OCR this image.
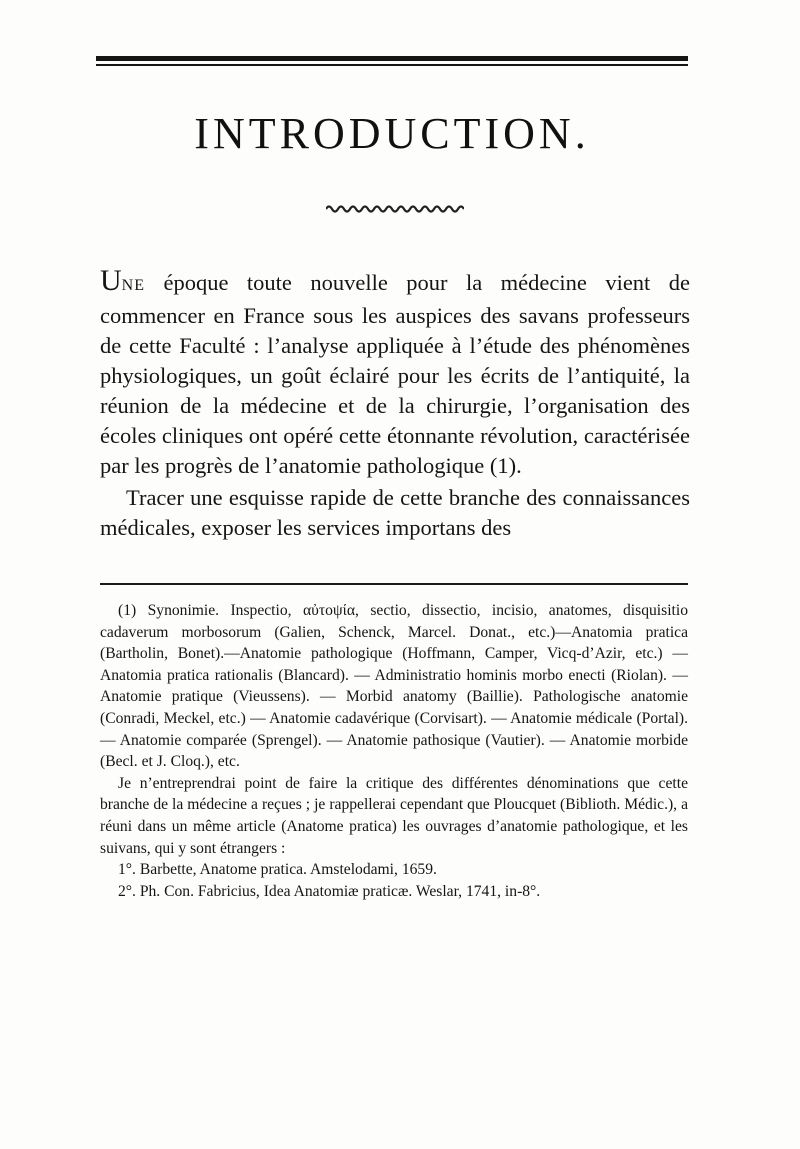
INTRODUCTION.

UNE époque toute nouvelle pour la médecine vient de commencer en France sous les auspices des savans professeurs de cette Faculté : l’analyse appliquée à l’étude des phénomènes physiologiques, un goût éclairé pour les écrits de l’antiquité, la réunion de la médecine et de la chirurgie, l’organisation des écoles cliniques ont opéré cette étonnante révolution, caractérisée par les progrès de l’anatomie pathologique (1).

Tracer une esquisse rapide de cette branche des connaissances médicales, exposer les services importans des

(1) Synonimie. Inspectio, αὐτοψία, sectio, dissectio, incisio, anatomes, disquisitio cadaverum morbosorum (Galien, Schenck, Marcel. Donat., etc.)—Anatomia pratica (Bartholin, Bonet).—Anatomie pathologique (Hoffmann, Camper, Vicq-d’Azir, etc.) — Anatomia pratica rationalis (Blancard). — Administratio hominis morbo enecti (Riolan). — Anatomie pratique (Vieussens). — Morbid anatomy (Baillie). Pathologische anatomie (Conradi, Meckel, etc.) — Anatomie cadavérique (Corvisart). — Anatomie médicale (Portal). — Anatomie comparée (Sprengel). — Anatomie pathosique (Vautier). — Anatomie morbide (Becl. et J. Cloq.), etc.

Je n’entreprendrai point de faire la critique des différentes dénominations que cette branche de la médecine a reçues ; je rappellerai cependant que Ploucquet (Biblioth. Médic.), a réuni dans un même article (Anatome pratica) les ouvrages d’anatomie pathologique, et les suivans, qui y sont étrangers :

1°. Barbette, Anatome pratica. Amstelodami, 1659.

2°. Ph. Con. Fabricius, Idea Anatomiæ praticæ. Weslar, 1741, in-8°.
